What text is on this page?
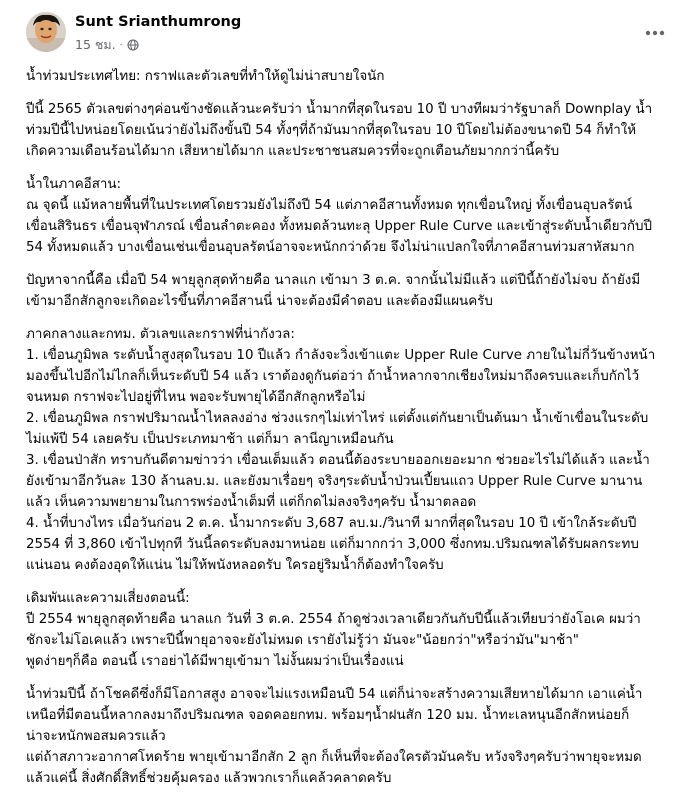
Sunt Srianthumrong
15 ชม. ·

น้ำท่วมประเทศไทย: กราฟและตัวเลขที่ทำให้ดูไม่น่าสบายใจนัก

ปีนี้ 2565 ตัวเลขต่างๆค่อนข้างชัดแล้วนะครับว่า น้ำมากที่สุดในรอบ 10 ปี บางทีผมว่ารัฐบาลก็ Downplay น้ำ
ท่วมปีนี้ไปหน่อยโดยเน้นว่ายังไม่ถึงขั้นปี 54 ทั้งๆที่ถ้ามันมากที่สุดในรอบ 10 ปีโดยไม่ต้องขนาดปี 54 ก็ทำให้
เกิดความเดือนร้อนได้มาก เสียหายได้มาก และประชาชนสมควรที่จะถูกเตือนภัยมากกว่านี้ครับ

น้ำในภาคอีสาน:
ณ จุดนี้ แม้หลายพื้นที่ในประเทศโดยรวมยังไม่ถึงปี 54 แต่ภาคอีสานทั้งหมด ทุกเขื่อนใหญ่ ทั้งเขื่อนอุบลรัตน์
เขื่อนสิรินธร เขื่อนจุฬาภรณ์ เขื่อนลำตะคอง ทั้งหมดล้วนทะลุ Upper Rule Curve และเข้าสู่ระดับน้ำเดียวกับปี
54 ทั้งหมดแล้ว บางเขื่อนเช่นเขื่อนอุบลรัตน์อาจจะหนักกว่าด้วย จึงไม่น่าแปลกใจที่ภาคอีสานท่วมสาหัสมาก

ปัญหาจากนี้คือ เมื่อปี 54 พายุลูกสุดท้ายคือ นาลแก เข้ามา 3 ต.ค. จากนั้นไม่มีแล้ว แต่ปีนี้ถ้ายังไม่จบ ถ้ายังมี
เข้ามาอีกสักลูกจะเกิดอะไรขึ้นที่ภาคอีสานนี่ น่าจะต้องมีคำตอบ และต้องมีแผนครับ

ภาคกลางและกทม. ตัวเลขและกราฟที่น่ากังวล:
1. เขื่อนภูมิพล ระดับน้ำสูงสุดในรอบ 10 ปีแล้ว กำลังจะวิ่งเข้าแตะ Upper Rule Curve ภายในไม่กี่วันข้างหน้า
มองขึ้นไปอีกไม่ไกลก็เห็นระดับปี 54 แล้ว เราต้องดูกันต่อว่า ถ้าน้ำหลากจากเชียงใหม่มาถึงครบและเก็บกักไว้
จนหมด กราฟจะไปอยู่ที่ไหน พอจะรับพายุได้อีกสักลูกหรือไม่
2. เขื่อนภูมิพล กราฟปริมาณน้ำไหลลงอ่าง ช่วงแรกๆไม่เท่าไหร่ แต่ตั้งแต่กันยาเป็นต้นมา น้ำเข้าเขื่อนในระดับ
ไม่แพ้ปี 54 เลยครับ เป็นประเภทมาช้า แต่ก็มา ลานีญาเหมือนกัน
3. เขื่อนป่าสัก ทราบกันดีตามข่าวว่า เขื่อนเต็มแล้ว ตอนนี้ต้องระบายออกเยอะมาก ช่วยอะไรไม่ได้แล้ว และน้ำ
ยังเข้ามาอีกวันละ 130 ล้านลบ.ม. และยังมาเรื่อยๆ จริงๆระดับน้ำป่วนเปี้ยนแถว Upper Rule Curve มานาน
แล้ว เห็นความพยายามในการพร่องน้ำเต็มที่ แต่ก็กดไม่ลงจริงๆครับ น้ำมาตลอด
4. น้ำที่บางไทร เมื่อวันก่อน 2 ต.ค. น้ำมากระดับ 3,687 ลบ.ม./วินาที มากที่สุดในรอบ 10 ปี เข้าใกล้ระดับปี
2554 ที่ 3,860 เข้าไปทุกที วันนี้ลดระดับลงมาหน่อย แต่ก็มากกว่า 3,000 ซึ่งกทม.ปริมณฑลได้รับผลกระทบ
แน่นอน คงต้องอุดให้แน่น ไม่ให้พนังหลอดรับ ใครอยู่ริมน้ำก็ต้องทำใจครับ

เดิมพันและความเสี่ยงตอนนี้:
ปี 2554 พายุลูกสุดท้ายคือ นาลแก วันที่ 3 ต.ค. 2554 ถ้าดูช่วงเวลาเดียวกันกับปีนี้แล้วเทียบว่ายังโอเค ผมว่า
ชักจะไม่โอเคแล้ว เพราะปีนี้พายุอาจจะยังไม่หมด เรายังไม่รู้ว่า มันจะ"น้อยกว่า"หรือว่ามัน"มาช้า"
พูดง่ายๆก็คือ ตอนนี้ เราอย่าได้มีพายุเข้ามา ไม่งั้นผมว่าเป็นเรื่องแน่

น้ำท่วมปีนี้ ถ้าโชคดีซึ่งก็มีโอกาสสูง อาจจะไม่แรงเหมือนปี 54 แต่ก็น่าจะสร้างความเสียหายได้มาก เอาแค่น้ำ
เหนือที่มีตอนนี้หลากลงมาถึงปริมณฑล จอดคอยกทม. พร้อมๆน้ำฝนสัก 120 มม. น้ำทะเลหนุนอีกสักหน่อยก็
น่าจะหนักพอสมควรแล้ว
แต่ถ้าสภาวะอากาศโหดร้าย พายุเข้ามาอีกสัก 2 ลูก ก็เห็นที่จะต้องใครตัวมันครับ หวังจริงๆครับว่าพายุจะหมด
แล้วแค่นี้ สิ่งศักดิ์สิทธิ์ช่วยคุ้มครอง แล้วพวกเราก็แคล้วคลาดครับ
